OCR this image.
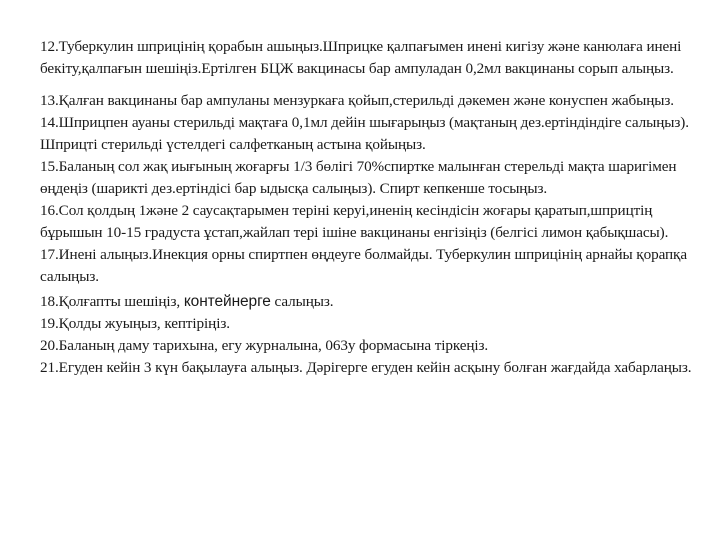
12.Туберкулин шприцінің қорабын ашыңыз.Шприцке қалпағымен инені кигізу және канюлаға инені бекіту,қалпағын шешіңіз.Ертілген БЦЖ вакцинасы бар ампуладан 0,2мл вакцинаны сорып алыңыз.

13.Қалған вакцинаны бар ампуланы мензуркаға қойып,стерильді дәкемен және конуспен жабыңыз.

14.Шприцпен ауаны стерильді мақтаға 0,1мл дейін шығарыңыз (мақтаның дез.ертіндіндіге салыңыз). Шприцті стерильді үстелдегі салфетканың астына қойыңыз.

15.Баланың сол жақ иығының жоғарғы 1/3 бөлігі 70%спиртке малынған стерельді мақта шаригімен өңдеңіз (шарикті дез.ертіндісі бар ыдысқа салыңыз). Спирт кепкенше тосыңыз.

16.Сол қолдың 1және 2 саусақтарымен теріні керуі,иненің кесіндісін жоғары қаратып,шприцтің бұрышын 10-15 градуста ұстап,жайлап тері ішіне вакцинаны енгізіңіз (белгісі лимон қабықшасы).

17.Инені алыңыз.Инекция орны спиртпен өңдеуге болмайды. Туберкулин шприцінің арнайы қорапқа салыңыз.

18.Қолғапты шешіңіз, контейнерге салыңыз.

19.Қолды жуыңыз, кептіріңіз.

20.Баланың даму тарихына, егу журналына, 063у формасына тіркеңіз.

21.Егуден кейін 3 күн бақылауға алыңыз. Дәрігерге егуден кейін асқыну болған жағдайда хабарлаңыз.
